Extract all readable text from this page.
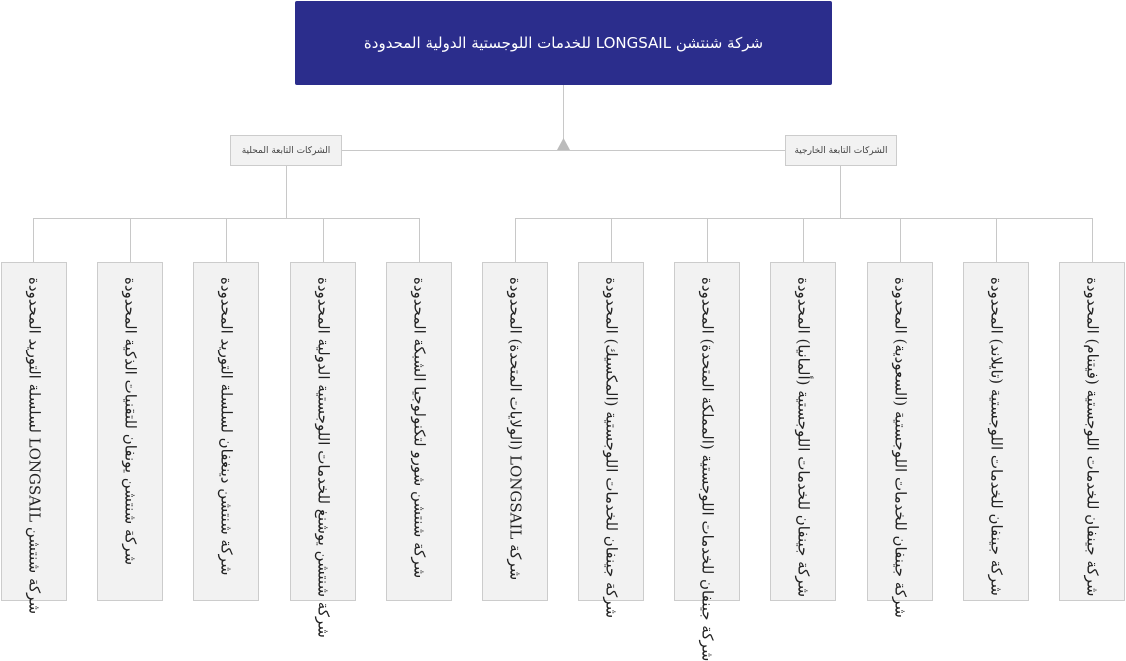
شركة شنتشن LONGSAIL للخدمات اللوجستية الدولية المحدودة
الشركات التابعة المحلية	الشركات التابعة الخارجية
شركة شنتشن LONGSAIL لسلسلة التوريد المحدودة
شركة شنتشن يونفان للتقنيات الذكية المحدودة	شركة شنتشن دينغفان لسلسلة التوريد المحدودة	شركة شنتشن يوشنغ للخدمات اللوجستية الدولية المحدودة	شركة شنتشن شورو لتكنولوجيا الشبكة المحدودة	شركة LONGSAIL (الولايات المتحدة) المحدودة	شركة جينفان للخدمات اللوجستية (المكسيك) المحدودة	شركة جينفان للخدمات اللوجستية (المملكة المتحدة) المحدودة	شركة جينفان للخدمات اللوجستية (ألمانيا) المحدودة	شركة جينفان للخدمات اللوجستية (السعودية) المحدودة	شركة جينفان للخدمات اللوجستية (تايلاند) المحدودة	شركة جينفان للخدمات اللوجستية (فيتنام) المحدودة
